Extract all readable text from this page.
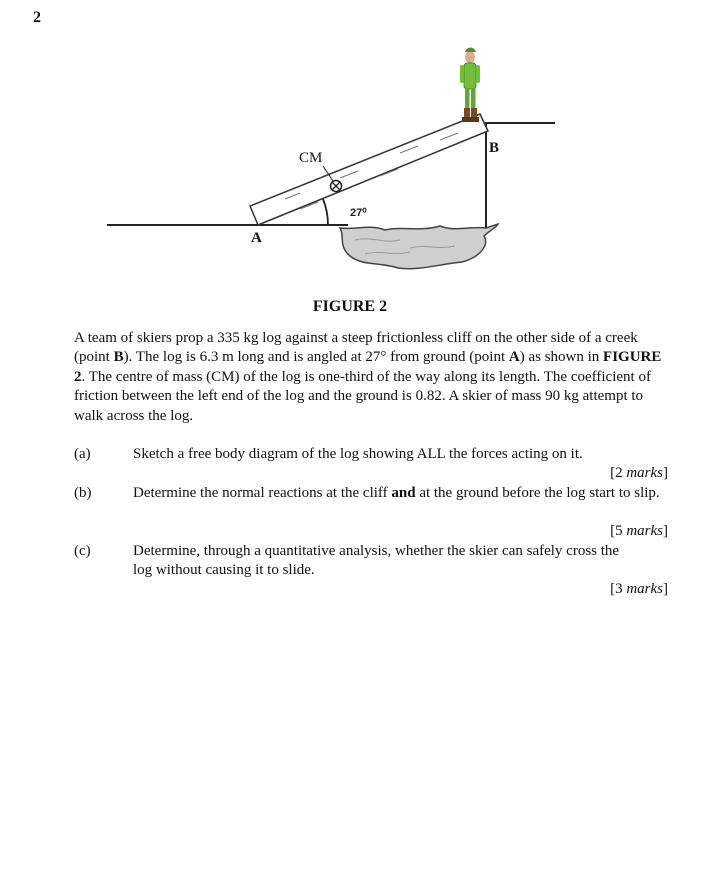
2
CM
B
A
27⁰
FIGURE 2
A team of skiers prop a 335 kg log against a steep frictionless cliff on the other side of a creek (point B). The log is 6.3 m long and is angled at 27° from ground (point A) as shown in FIGURE 2. The centre of mass (CM) of the log is one-third of the way along its length. The coefficient of friction between the left end of the log and the ground is 0.82. A skier of mass 90 kg attempt to walk across the log.
(a)	Sketch a free body diagram of the log showing ALL the forces acting on it.
[2 marks]
(b)	Determine the normal reactions at the cliff and at the ground before the log start to slip.
[5 marks]
(c)	Determine, through a quantitative analysis, whether the skier can safely cross the log without causing it to slide.
[3 marks]
